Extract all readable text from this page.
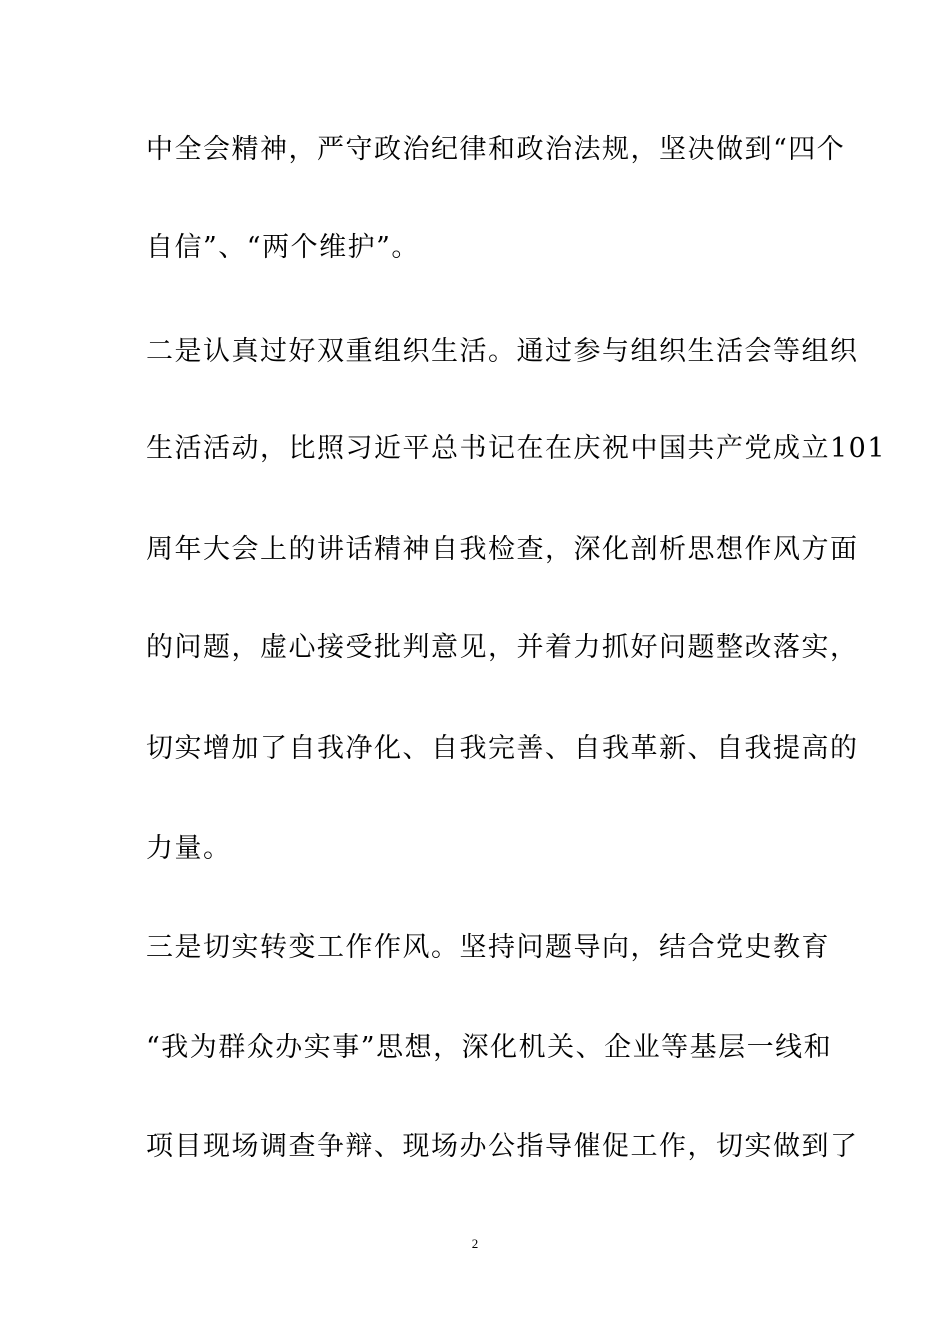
中全会精神，严守政治纪律和政治法规，坚决做到“四个
自信”、“两个维护”。
二是认真过好双重组织生活。通过参与组织生活会等组织
生活活动，比照习近平总书记在在庆祝中国共产党成立101
周年大会上的讲话精神自我检查，深化剖析思想作风方面
的问题，虚心接受批判意见，并着力抓好问题整改落实，
切实增加了自我净化、自我完善、自我革新、自我提高的
力量。
三是切实转变工作作风。坚持问题导向，结合党史教育
“我为群众办实事”思想，深化机关、企业等基层一线和
项目现场调查争辩、现场办公指导催促工作，切实做到了
2
